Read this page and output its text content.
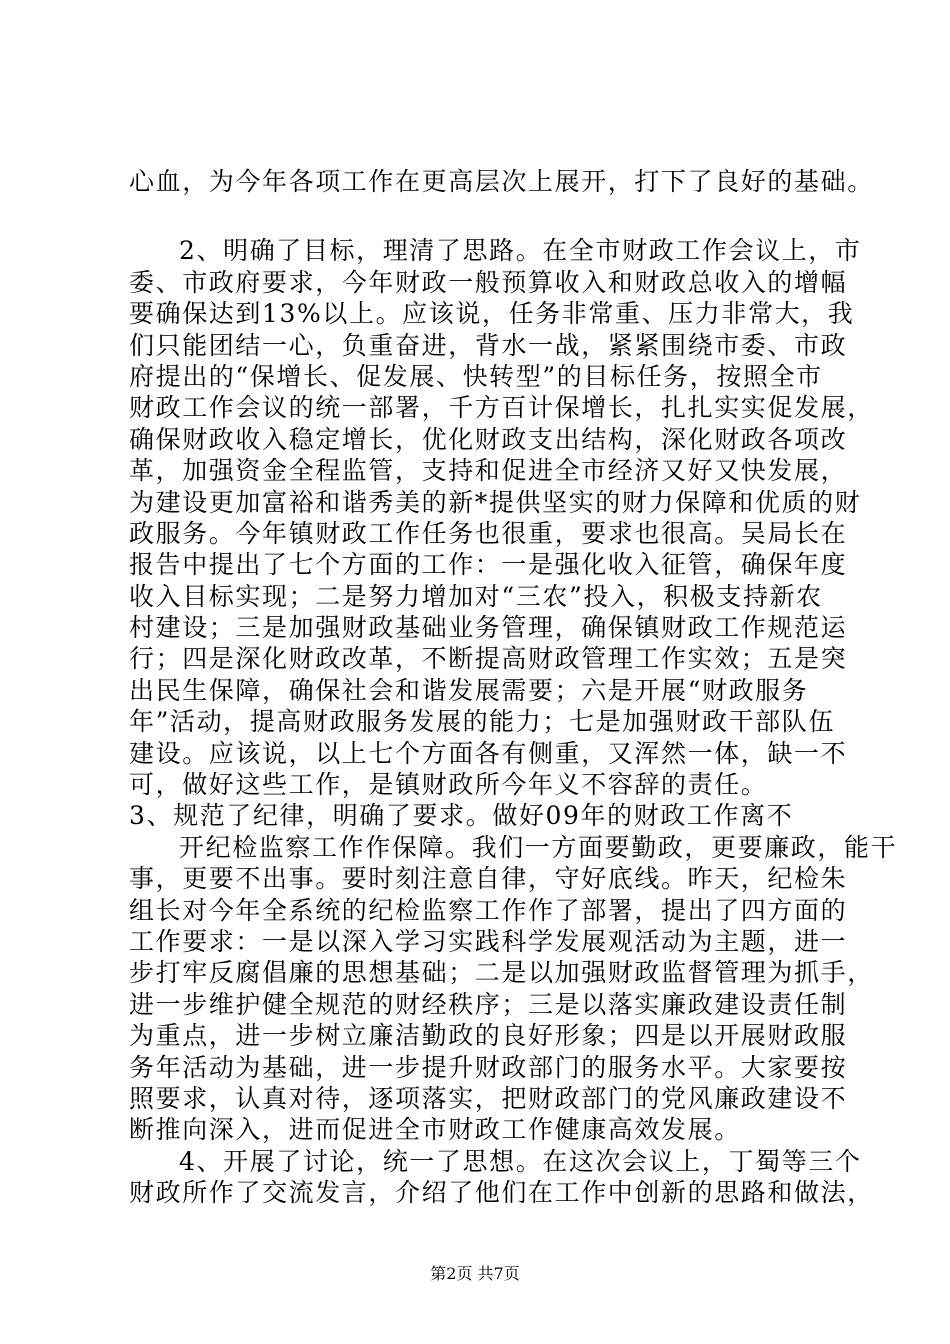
心血，为今年各项工作在更高层次上展开，打下了良好的基础。
2、明确了目标，理清了思路。在全市财政工作会议上，市
委、市政府要求，今年财政一般预算收入和财政总收入的增幅
要确保达到13%以上。应该说，任务非常重、压力非常大，我
们只能团结一心，负重奋进，背水一战，紧紧围绕市委、市政
府提出的“保增长、促发展、快转型”的目标任务，按照全市
财政工作会议的统一部署，千方百计保增长，扎扎实实促发展，
确保财政收入稳定增长，优化财政支出结构，深化财政各项改
革，加强资金全程监管，支持和促进全市经济又好又快发展，
为建设更加富裕和谐秀美的新*提供坚实的财力保障和优质的财
政服务。今年镇财政工作任务也很重，要求也很高。吴局长在
报告中提出了七个方面的工作：一是强化收入征管，确保年度
收入目标实现；二是努力增加对“三农”投入，积极支持新农
村建设；三是加强财政基础业务管理，确保镇财政工作规范运
行；四是深化财政改革，不断提高财政管理工作实效；五是突
出民生保障，确保社会和谐发展需要；六是开展“财政服务
年”活动，提高财政服务发展的能力；七是加强财政干部队伍
建设。应该说，以上七个方面各有侧重，又浑然一体，缺一不
可，做好这些工作，是镇财政所今年义不容辞的责任。
3、规范了纪律，明确了要求。做好09年的财政工作离不
开纪检监察工作作保障。我们一方面要勤政，更要廉政，能干
事，更要不出事。要时刻注意自律，守好底线。昨天，纪检朱
组长对今年全系统的纪检监察工作作了部署，提出了四方面的
工作要求：一是以深入学习实践科学发展观活动为主题，进一
步打牢反腐倡廉的思想基础；二是以加强财政监督管理为抓手，
进一步维护健全规范的财经秩序；三是以落实廉政建设责任制
为重点，进一步树立廉洁勤政的良好形象；四是以开展财政服
务年活动为基础，进一步提升财政部门的服务水平。大家要按
照要求，认真对待，逐项落实，把财政部门的党风廉政建设不
断推向深入，进而促进全市财政工作健康高效发展。
4、开展了讨论，统一了思想。在这次会议上，丁蜀等三个
财政所作了交流发言，介绍了他们在工作中创新的思路和做法，
第2页 共7页
